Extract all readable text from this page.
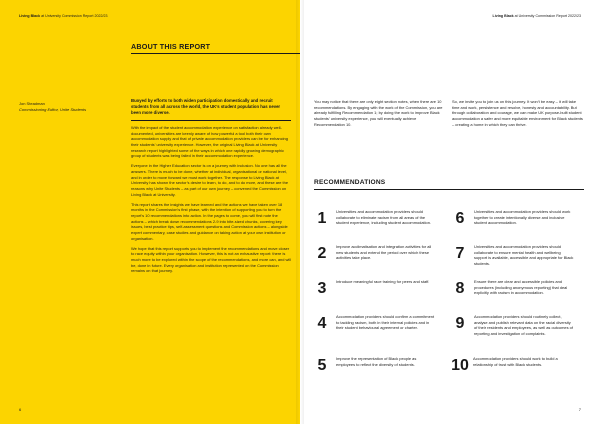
Living Black at University Commission Report 2022/23	Living Black at University Commission Report 2022/23
ABOUT THIS REPORT
Jon Steadman
Commissioning Editor, Unite Students

Buoyed by efforts to both widen participation domestically and recruit students from all across the world, the UK’s student population has never been more diverse.

With the impact of the student accommodation experience on satisfaction already well-documented, universities are keenly aware of how powerful a tool both their own accommodation supply and that of private accommodation providers can be for enhancing their students’ university experience. However, the original Living Black at University research report highlighted some of the ways in which one rapidly growing demographic group of students was being failed in their accommodation experience.

Everyone in the Higher Education sector is on a journey with inclusion. No one has all the answers. There is much to be done, whether at individual, organisational or national level, and in order to move forward we must work together. The response to Living Black at University has shown the sector’s desire to learn, to do, and to do more, and these are the reasons why Unite Students – as part of our own journey – convened the Commission on Living Black at University.

This report shares the insights we have learned and the actions we have taken over 18 months in the Commission’s first phase, with the intention of supporting you to turn the report’s 10 recommendations into action. In the pages to come, you will first note the actions – which break down recommendations 2-9 into bite-sized chunks, covering key issues, best practice tips, self-assessment questions and Commission actions – alongside expert commentary, case studies and guidance on taking action at your own institution or organisation.

We hope that this report supports you to implement the recommendations and move closer to race equity within your organisation. However, this is not an exhaustive report: there is much more to be explored within the scope of the recommendations, and more can, and will be, done in future. Every organisation and institution represented on the Commission remains on that journey.

You may notice that there are only eight section notes, when there are 10 recommendations. By engaging with the work of the Commission, you are already fulfilling Recommendation 1; by doing the work to improve Black students’ university experience, you will eventually achieve Recommendation 10.

So, we invite you to join us on this journey. It won’t be easy – it will take time and work, persistence and resolve, honesty and accountability. But through collaboration and courage, we can make UK purpose-built student accommodation a safer and more equitable environment for Black students – creating a home in which they can thrive.

RECOMMENDATIONS
1	Universities and accommodation providers should collaborate to eliminate racism from all areas of the student experience, including student accommodation.
2	Improve acclimatisation and integration activities for all new students and extend the period over which these activities take place.
3	Introduce meaningful race training for peers and staff.
4	Accommodation providers should confirm a commitment to tackling racism, both in their internal policies and in their student behavioural agreement or charter.
5	Improve the representation of Black people as employees to reflect the diversity of students.
6	Universities and accommodation providers should work together to create intentionally diverse and inclusive student accommodation.
7	Universities and accommodation providers should collaborate to ensure mental health and wellbeing support is available, accessible and appropriate for Black students.
8	Ensure there are clear and accessible policies and procedures (including anonymous reporting) that deal explicitly with racism in accommodation.
9	Accommodation providers should routinely collect, analyse and publish relevant data on the racial diversity of their residents and employees, as well as outcomes of reporting and investigation of complaints.
10 Accommodation providers should work to build a relationship of trust with Black students.
6	7
